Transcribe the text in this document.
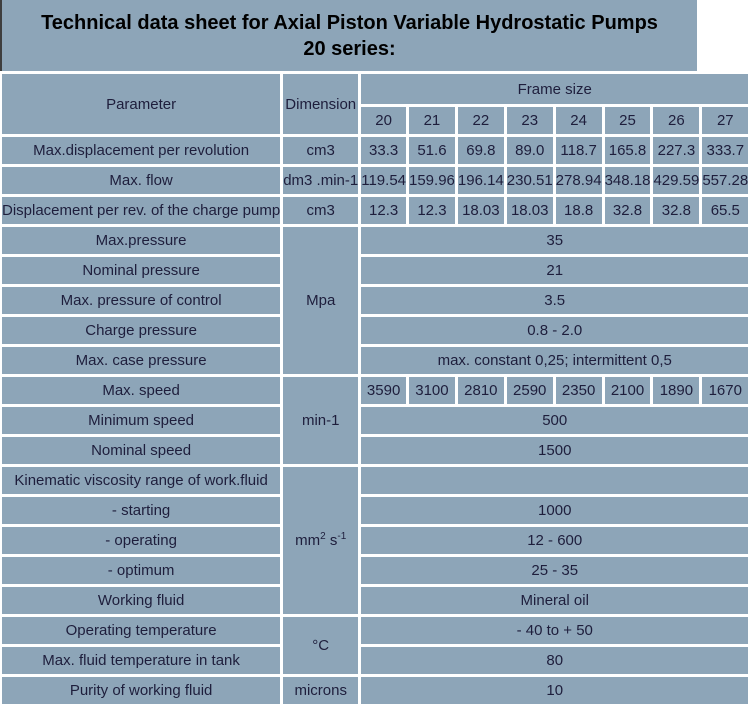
Technical data sheet for Axial Piston Variable Hydrostatic Pumps 20 series:
Parameter	Dimension	Frame size							
		20	21	22	23	24	25	26	27
Max.displacement per revolution	cm3	33.3	51.6	69.8	89.0	118.7	165.8	227.3	333.7
Max. flow	dm3 .min-1	119.54	159.96	196.14	230.51	278.94	348.18	429.59	557.28
Displacement per rev. of the charge pump	cm3	12.3	12.3	18.03	18.03	18.8	32.8	32.8	65.5
Max.pressure	Mpa	35							
Nominal pressure		21							
Max. pressure of control		3.5							
Charge pressure		0.8 - 2.0							
Max. case pressure		max. constant 0,25; intermittent 0,5							
Max. speed	min-1	3590	3100	2810	2590	2350	2100	1890	1670
Minimum speed		500							
Nominal speed		1500							
Kinematic viscosity range of work.fluid	$mm^2$ $s^{-1}$	
- starting		1000							
- operating		12 - 600							
- optimum		25 - 35							
Working fluid		Mineral oil							
Operating temperature	°C	- 40 to + 50							
Max. fluid temperature in tank		80							
Purity of working fluid	microns	10							
